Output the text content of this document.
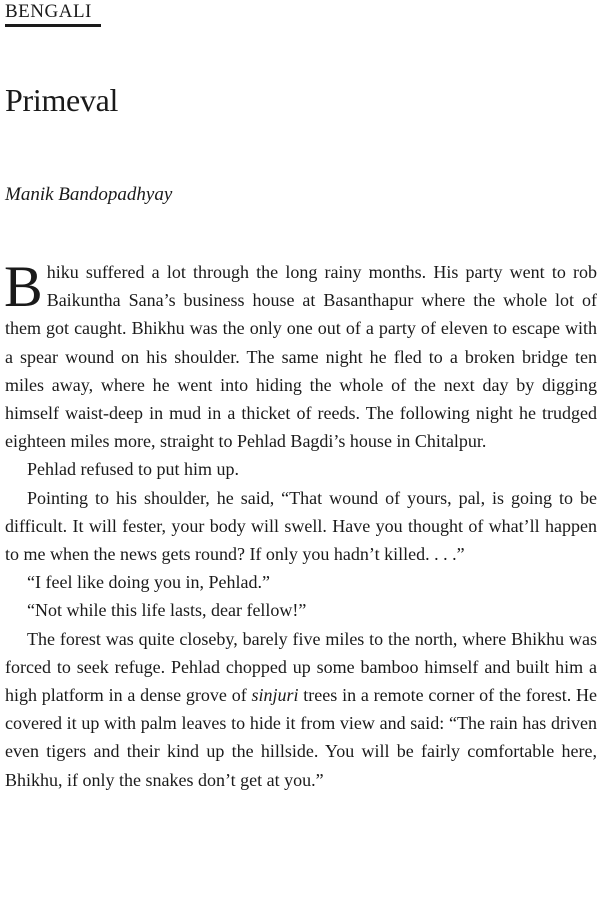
BENGALI
Primeval
Manik Bandopadhyay

Bhiku suffered a lot through the long rainy months. His party went to rob Baikuntha Sana’s business house at Basanthapur where the whole lot of them got caught. Bhikhu was the only one out of a party of eleven to escape with a spear wound on his shoulder. The same night he fled to a broken bridge ten miles away, where he went into hiding the whole of the next day by digging himself waist-deep in mud in a thicket of reeds. The following night he trudged eighteen miles more, straight to Pehlad Bagdi’s house in Chitalpur.

Pehlad refused to put him up.

Pointing to his shoulder, he said, “That wound of yours, pal, is going to be difficult. It will fester, your body will swell. Have you thought of what’ll happen to me when the news gets round? If only you hadn’t killed. . . .”

“I feel like doing you in, Pehlad.”

“Not while this life lasts, dear fellow!”

The forest was quite closeby, barely five miles to the north, where Bhikhu was forced to seek refuge. Pehlad chopped up some bamboo himself and built him a high platform in a dense grove of sinjuri trees in a remote corner of the forest. He covered it up with palm leaves to hide it from view and said: “The rain has driven even tigers and their kind up the hillside. You will be fairly comfortable here, Bhikhu, if only the snakes don’t get at you.”
